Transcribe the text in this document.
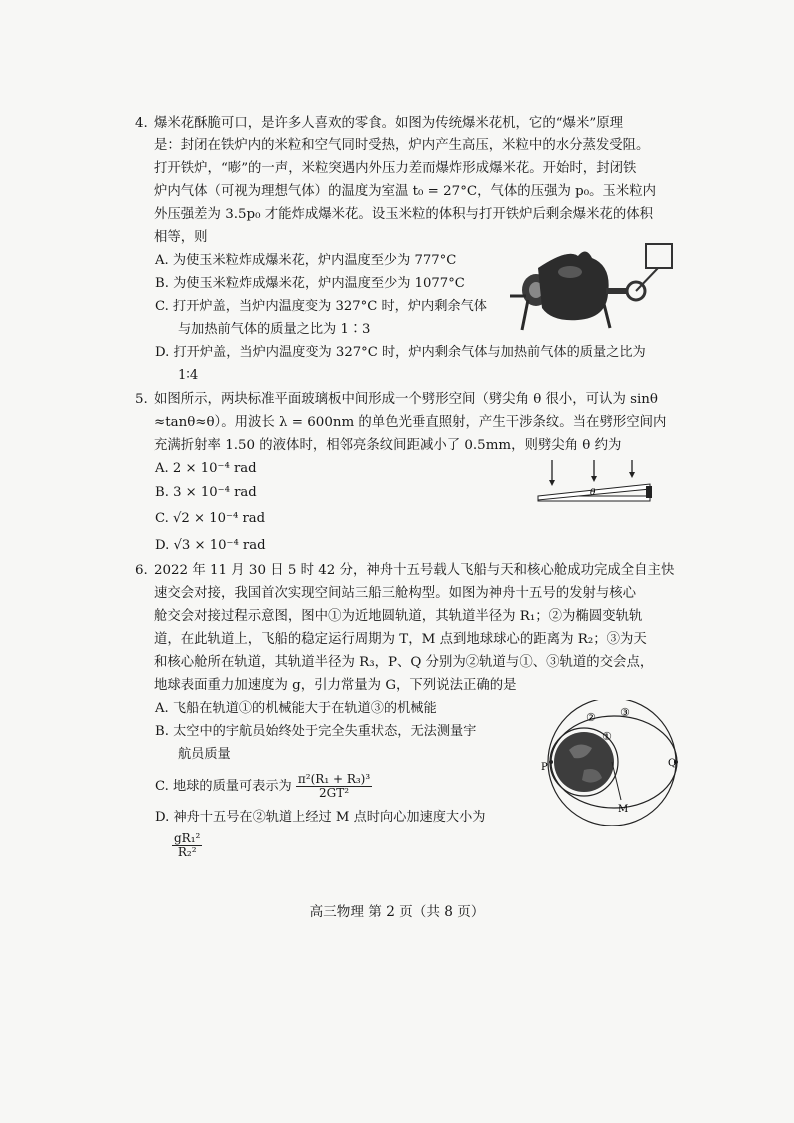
4. 爆米花酥脆可口，是许多人喜欢的零食。如图为传统爆米花机，它的“爆米”原理
是：封闭在铁炉内的米粒和空气同时受热，炉内产生高压，米粒中的水分蒸发受阻。
打开铁炉，“嘭”的一声，米粒突遇内外压力差而爆炸形成爆米花。开始时，封闭铁
炉内气体（可视为理想气体）的温度为室温 t₀ = 27°C，气体的压强为 p₀。玉米粒内
外压强差为 3.5p₀ 才能炸成爆米花。设玉米粒的体积与打开铁炉后剩余爆米花的体积
相等，则
A. 为使玉米粒炸成爆米花，炉内温度至少为 777°C
B. 为使玉米粒炸成爆米花，炉内温度至少为 1077°C
C. 打开炉盖，当炉内温度变为 327°C 时，炉内剩余气体
与加热前气体的质量之比为 1∶3
D. 打开炉盖，当炉内温度变为 327°C 时，炉内剩余气体与加热前气体的质量之比为
1∶4
5. 如图所示，两块标准平面玻璃板中间形成一个劈形空间（劈尖角 θ 很小，可认为 sinθ
≈tanθ≈θ）。用波长 λ = 600nm 的单色光垂直照射，产生干涉条纹。当在劈形空间内
充满折射率 1.50 的液体时，相邻亮条纹间距减小了 0.5mm，则劈尖角 θ 约为
A. 2 × 10⁻⁴ rad
B. 3 × 10⁻⁴ rad
C. √2 × 10⁻⁴ rad
D. √3 × 10⁻⁴ rad
θ
6. 2022 年 11 月 30 日 5 时 42 分，神舟十五号载人飞船与天和核心舱成功完成全自主快
速交会对接，我国首次实现空间站三船三舱构型。如图为神舟十五号的发射与核心
舱交会对接过程示意图，图中①为近地圆轨道，其轨道半径为 R₁；②为椭圆变轨轨
道，在此轨道上，飞船的稳定运行周期为 T，M 点到地球球心的距离为 R₂；③为天
和核心舱所在轨道，其轨道半径为 R₃，P、Q 分别为②轨道与①、③轨道的交会点，
地球表面重力加速度为 g，引力常量为 G，下列说法正确的是
A. 飞船在轨道①的机械能大于在轨道③的机械能
B. 太空中的宇航员始终处于完全失重状态，无法测量宇
航员质量
C. 地球的质量可表示为 $\frac{\text{π²(R₁ + R₃)³}}{\text{2GT²}}$
D. 神舟十五号在②轨道上经过 M 点时向心加速度大小为
$\frac{\text{gR₁²}}{\text{R₂²}}$
P	Q
M
①
② ③
高三物理 第 2 页（共 8 页）
